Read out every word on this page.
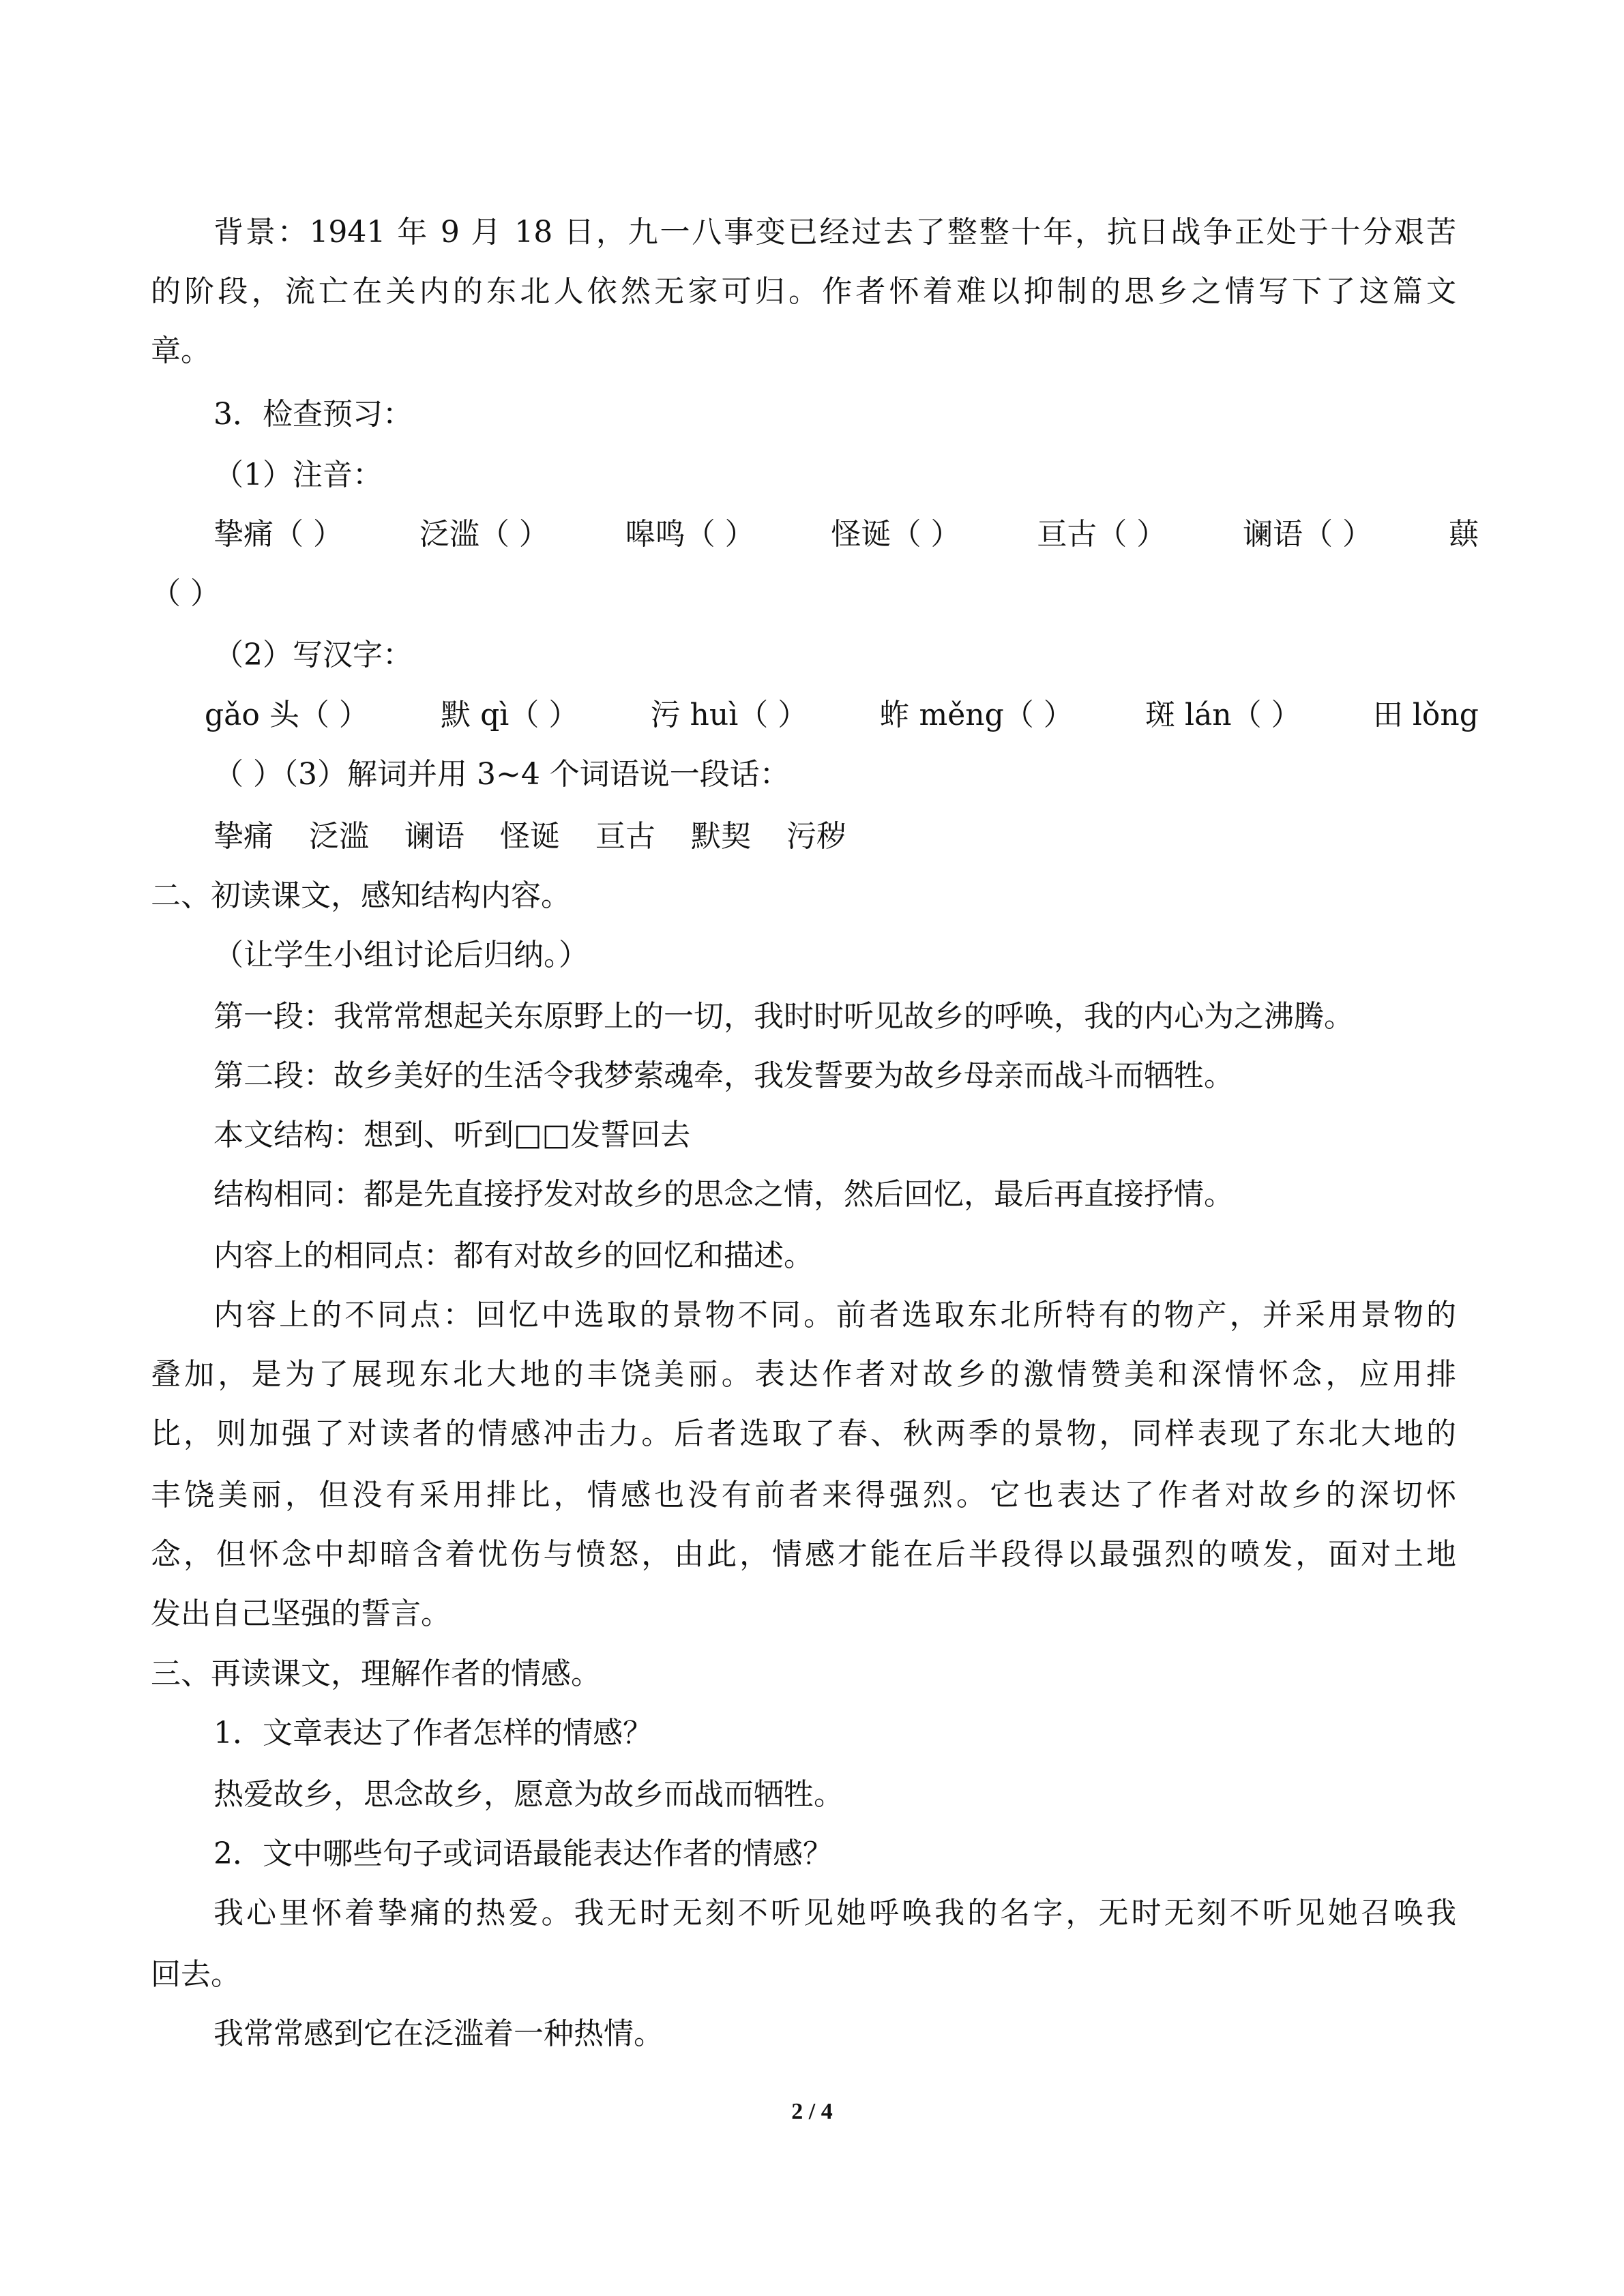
背景：1941 年 9 月 18 日，九一八事变已经过去了整整十年，抗日战争正处于十分艰苦
的阶段，流亡在关内的东北人依然无家可归。作者怀着难以抑制的思乡之情写下了这篇文
章。
3．检查预习：
（1）注音：
挚痛（ ）	泛滥（ ）	嗥鸣（ ）	怪诞（ ）	亘古（ ）	谰语（ ）	蕻
（ ）
（2）写汉字：
gǎo 头（ ） 默 qì（ ） 污 huì（ ） 蚱 měng（ ） 斑 lán（ ） 田 lǒng
（ ）（3）解词并用 3~4 个词语说一段话：
挚痛 泛滥 谰语 怪诞 亘古 默契 污秽
二、初读课文，感知结构内容。
（让学生小组讨论后归纳。）
第一段：我常常想起关东原野上的一切，我时时听见故乡的呼唤，我的内心为之沸腾。
第二段：故乡美好的生活令我梦萦魂牵，我发誓要为故乡母亲而战斗而牺牲。
本文结构：想到、听到□□发誓回去
结构相同：都是先直接抒发对故乡的思念之情，然后回忆，最后再直接抒情。
内容上的相同点：都有对故乡的回忆和描述。
内容上的不同点：回忆中选取的景物不同。前者选取东北所特有的物产，并采用景物的
叠加，是为了展现东北大地的丰饶美丽。表达作者对故乡的激情赞美和深情怀念，应用排
比，则加强了对读者的情感冲击力。后者选取了春、秋两季的景物，同样表现了东北大地的
丰饶美丽，但没有采用排比，情感也没有前者来得强烈。它也表达了作者对故乡的深切怀
念，但怀念中却暗含着忧伤与愤怒，由此，情感才能在后半段得以最强烈的喷发，面对土地
发出自己坚强的誓言。
三、再读课文，理解作者的情感。
1．文章表达了作者怎样的情感？
热爱故乡，思念故乡，愿意为故乡而战而牺牲。
2．文中哪些句子或词语最能表达作者的情感？
我心里怀着挚痛的热爱。我无时无刻不听见她呼唤我的名字，无时无刻不听见她召唤我
回去。
我常常感到它在泛滥着一种热情。
2 / 4
